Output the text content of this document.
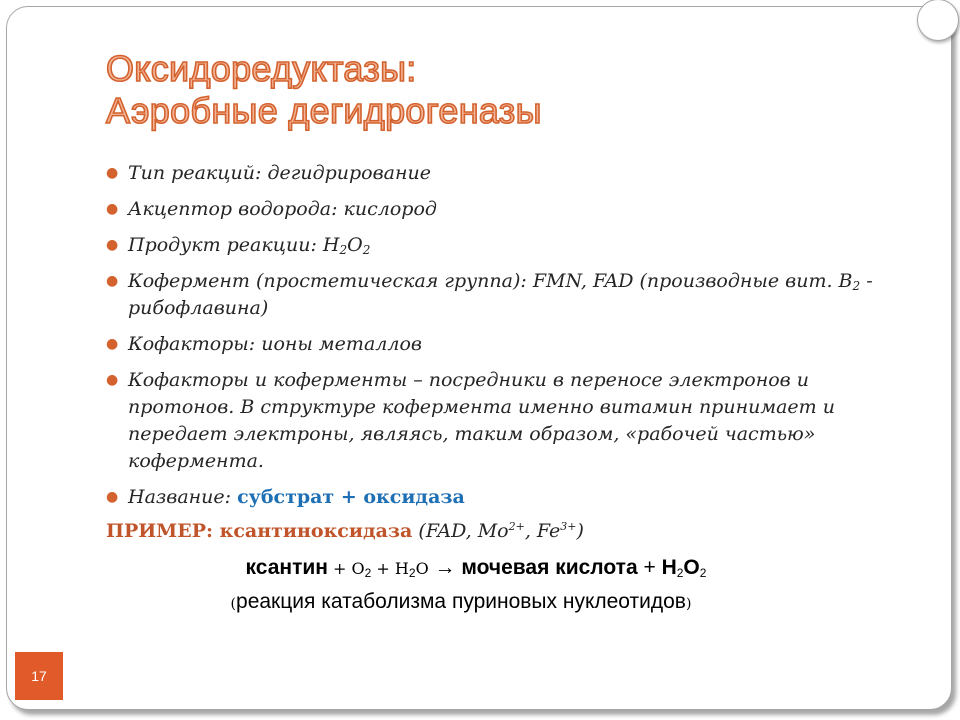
Оксидоредуктазы:
Аэробные дегидрогеназы
● Тип реакций: дегидрирование
● Акцептор водорода: кислород
● Продукт реакции: $H_2O_2$
● Кофермент (простетическая группа): FMN, FAD (производные вит. $B_2$ - рибофлавина)
● Кофакторы: ионы металлов
● Кофакторы и коферменты – посредники в переносе электронов и протонов. В структуре кофермента именно витамин принимает и передает электроны, являясь, таким образом, «рабочей частью» кофермента.
● Название: субстрат + оксидаза
ПРИМЕР: ксантиноксидаза (FAD, $Mo^{2+}$, $Fe^{3+}$)
ксантин + $O_2 + H_2O$ → мочевая кислота + $H_2O_2$
(реакция катаболизма пуриновых нуклеотидов)
17
